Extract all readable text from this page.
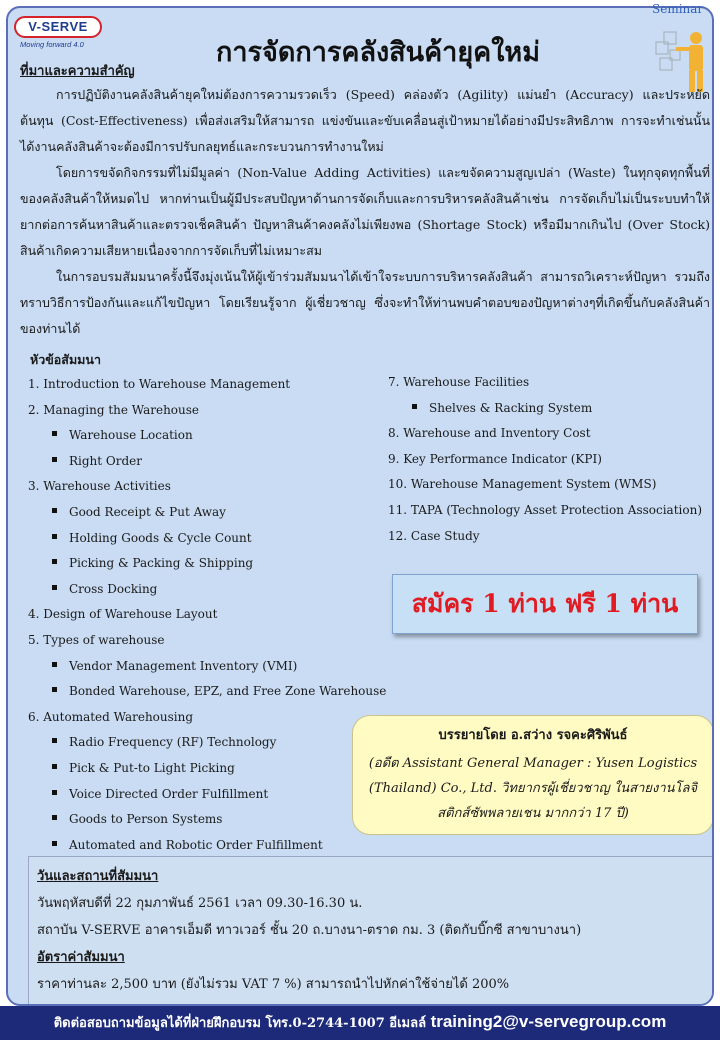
V-SERVE
Moving forward 4.0	การจัดการคลังสินค้ายุคใหม่
ที่มาและความสำคัญ

การปฏิบัติงานคลังสินค้ายุคใหม่ต้องการความรวดเร็ว (Speed) คล่องตัว (Agility) แม่นยำ (Accuracy) และประหยัดต้นทุน (Cost-Effectiveness) เพื่อส่งเสริมให้สามารถ แข่งขันและขับเคลื่อนสู่เป้าหมายได้อย่างมีประสิทธิภาพ การจะทำเช่นนั้นได้งานคลังสินค้าจะต้องมีการปรับกลยุทธ์และกระบวนการทำงานใหม่

โดยการขจัดกิจกรรมที่ไม่มีมูลค่า (Non-Value Adding Activities) และขจัดความสูญเปล่า (Waste) ในทุกจุดทุกพื้นที่ของคลังสินค้าให้หมดไป หากท่านเป็นผู้มีประสบปัญหาด้านการจัดเก็บและการบริหารคลังสินค้าเช่น การจัดเก็บไม่เป็นระบบทำให้ยากต่อการค้นหาสินค้าและตรวจเช็คสินค้า ปัญหาสินค้าคงคลังไม่เพียงพอ (Shortage Stock) หรือมีมากเกินไป (Over Stock) สินค้าเกิดความเสียหายเนื่องจากการจัดเก็บที่ไม่เหมาะสม

ในการอบรมสัมมนาครั้งนี้จึงมุ่งเน้นให้ผู้เข้าร่วมสัมมนาได้เข้าใจระบบการบริหารคลังสินค้า สามารถวิเคราะห์ปัญหา รวมถึง ทราบวิธีการป้องกันและแก้ไขปัญหา โดยเรียนรู้จาก ผู้เชี่ยวชาญ ซึ่งจะทำให้ท่านพบคำตอบของปัญหาต่างๆที่เกิดขึ้นกับคลังสินค้าของท่านได้

หัวข้อสัมมนา
1. Introduction to Warehouse Management
2. Managing the Warehouse
Warehouse Location
Right Order
3. Warehouse Activities
Good Receipt & Put Away
Holding Goods & Cycle Count
Picking & Packing & Shipping
Cross Docking
4. Design of Warehouse Layout
5. Types of warehouse
Vendor Management Inventory (VMI)
Bonded Warehouse, EPZ, and Free Zone Warehouse
6. Automated Warehousing
Radio Frequency (RF) Technology
Pick & Put-to Light Picking
Voice Directed Order Fulfillment
Goods to Person Systems
Automated and Robotic Order Fulfillment
7. Warehouse Facilities
Shelves & Racking System
8. Warehouse and Inventory Cost
9. Key Performance Indicator (KPI)
10. Warehouse Management System (WMS)
11. TAPA (Technology Asset Protection Association)
12. Case Study
สมัคร 1 ท่าน ฟรี 1 ท่าน
บรรยายโดย อ.สว่าง รจคะศิริพันธ์
(อดีต Assistant General Manager : Yusen Logistics (Thailand) Co., Ltd. วิทยากรผู้เชี่ยวชาญ ในสายงานโลจิสติกส์ซัพพลายเชน มากกว่า 17 ปี)
วันและสถานที่สัมมนา
วันพฤหัสบดีที่ 22 กุมภาพันธ์ 2561 เวลา 09.30-16.30 น.
สถาบัน V-SERVE อาคารเอ็มดี ทาวเวอร์ ชั้น 20 ถ.บางนา-ตราด กม. 3 (ติดกับบิ๊กซี สาขาบางนา)
อัตราค่าสัมมนา
ราคาท่านละ 2,500 บาท (ยังไม่รวม VAT 7 %) สามารถนำไปหักค่าใช้จ่ายได้ 200%
Seminar
ติดต่อสอบถามข้อมูลได้ที่ฝ่ายฝึกอบรม โทร.0-2744-1007 อีเมลล์ training2@v-servegroup.com
